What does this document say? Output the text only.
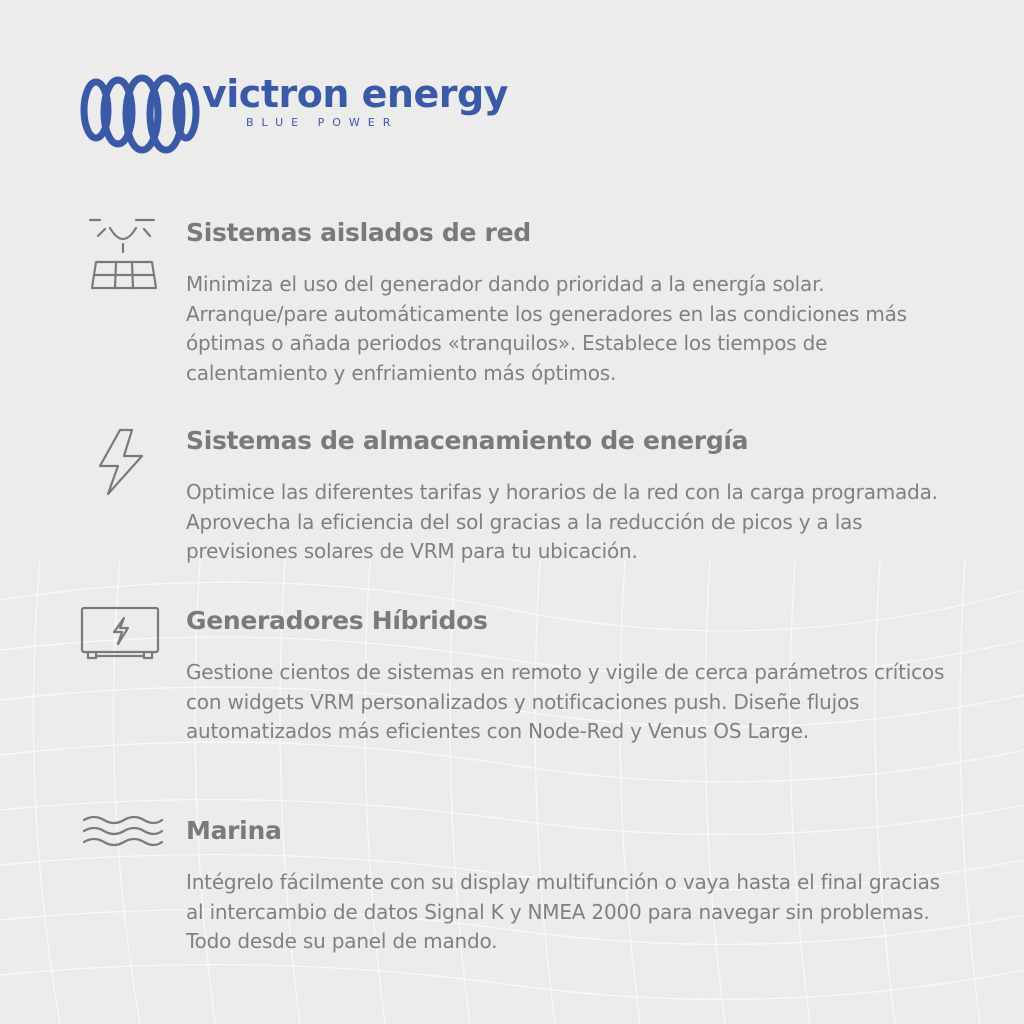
victron energy
BLUE POWER
Sistemas aislados de red
Minimiza el uso del generador dando prioridad a la energía solar. Arranque/pare automáticamente los generadores en las condiciones más óptimas o añada periodos «tranquilos». Establece los tiempos de calentamiento y enfriamiento más óptimos.
Sistemas de almacenamiento de energía
Optimice las diferentes tarifas y horarios de la red con la carga programada. Aprovecha la eficiencia del sol gracias a la reducción de picos y a las previsiones solares de VRM para tu ubicación.
Generadores Híbridos
Gestione cientos de sistemas en remoto y vigile de cerca parámetros críticos con widgets VRM personalizados y notificaciones push. Diseñe flujos automatizados más eficientes con Node-Red y Venus OS Large.
Marina
Intégrelo fácilmente con su display multifunción o vaya hasta el final gracias al intercambio de datos Signal K y NMEA 2000 para navegar sin problemas. Todo desde su panel de mando.
